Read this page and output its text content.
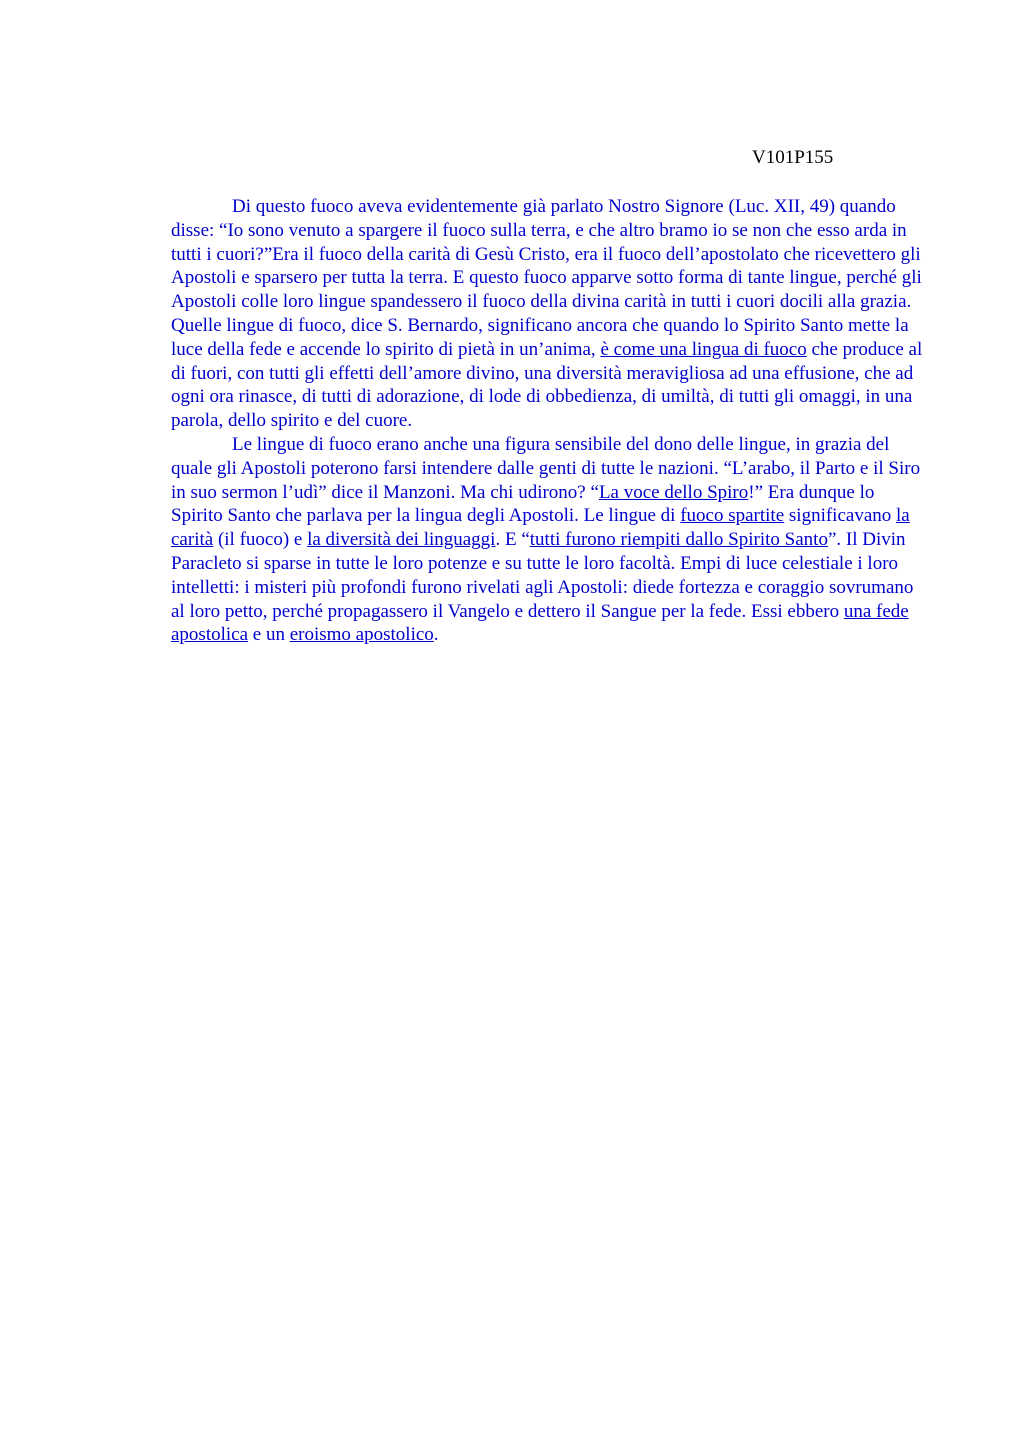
V101P155

Di questo fuoco aveva evidentemente già parlato Nostro Signore (Luc. XII, 49) quando disse: “Io sono venuto a spargere il fuoco sulla terra, e che altro bramo io se non che esso arda in tutti i cuori?”Era il fuoco della carità di Gesù Cristo, era il fuoco dell’apostolato che ricevettero gli Apostoli e sparsero per tutta la terra. E questo fuoco apparve sotto forma di tante lingue, perché gli Apostoli colle loro lingue spandessero il fuoco della divina carità in tutti i cuori docili alla grazia. Quelle lingue di fuoco, dice S. Bernardo, significano ancora che quando lo Spirito Santo mette la luce della fede e accende lo spirito di pietà in un’anima, è come una lingua di fuoco che produce al di fuori, con tutti gli effetti dell’amore divino, una diversità meravigliosa ad una effusione, che ad ogni ora rinasce, di tutti di adorazione, di lode di obbedienza, di umiltà, di tutti gli omaggi, in una parola, dello spirito e del cuore.

Le lingue di fuoco erano anche una figura sensibile del dono delle lingue, in grazia del quale gli Apostoli poterono farsi intendere dalle genti di tutte le nazioni. “L’arabo, il Parto e il Siro in suo sermon l’udì” dice il Manzoni. Ma chi udirono? “La voce dello Spiro!” Era dunque lo Spirito Santo che parlava per la lingua degli Apostoli. Le lingue di fuoco spartite significavano la carità (il fuoco) e la diversità dei linguaggi. E “tutti furono riempiti dallo Spirito Santo”. Il Divin Paracleto si sparse in tutte le loro potenze e su tutte le loro facoltà. Empi di luce celestiale i loro intelletti: i misteri più profondi furono rivelati agli Apostoli: diede fortezza e coraggio sovrumano al loro petto, perché propagassero il Vangelo e dettero il Sangue per la fede. Essi ebbero una fede apostolica e un eroismo apostolico.
